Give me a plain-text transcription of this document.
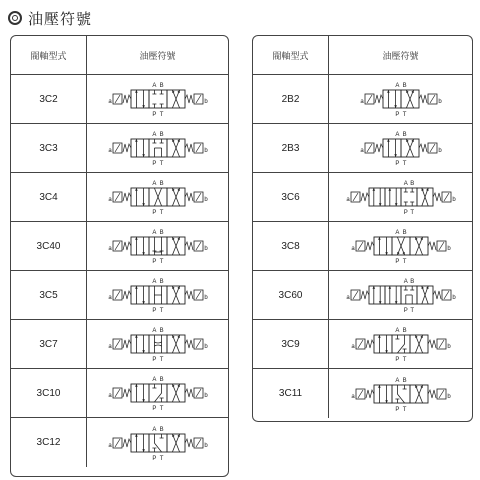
油壓符號
閥軸型式	油壓符號
3C2
A B
P T
a	b
3C3
A B
P T
a	b
3C4
A B
P T
a	b
3C40
A B
P T
a	b
3C5
A B
P T
a	b
3C7
A B
P T
a	b
3C10
A B
P T
a	b
3C12
A B
P T
a	b
閥軸型式	油壓符號
2B2
A B
P T
a	b
2B3
A B
P T
a	b
3C6
A B
P T
a	b
3C8
A B
P T
a	b
3C60
A B
P T
a	b
3C9
A B
P T
a	b
3C11
A B
P T
a	b
